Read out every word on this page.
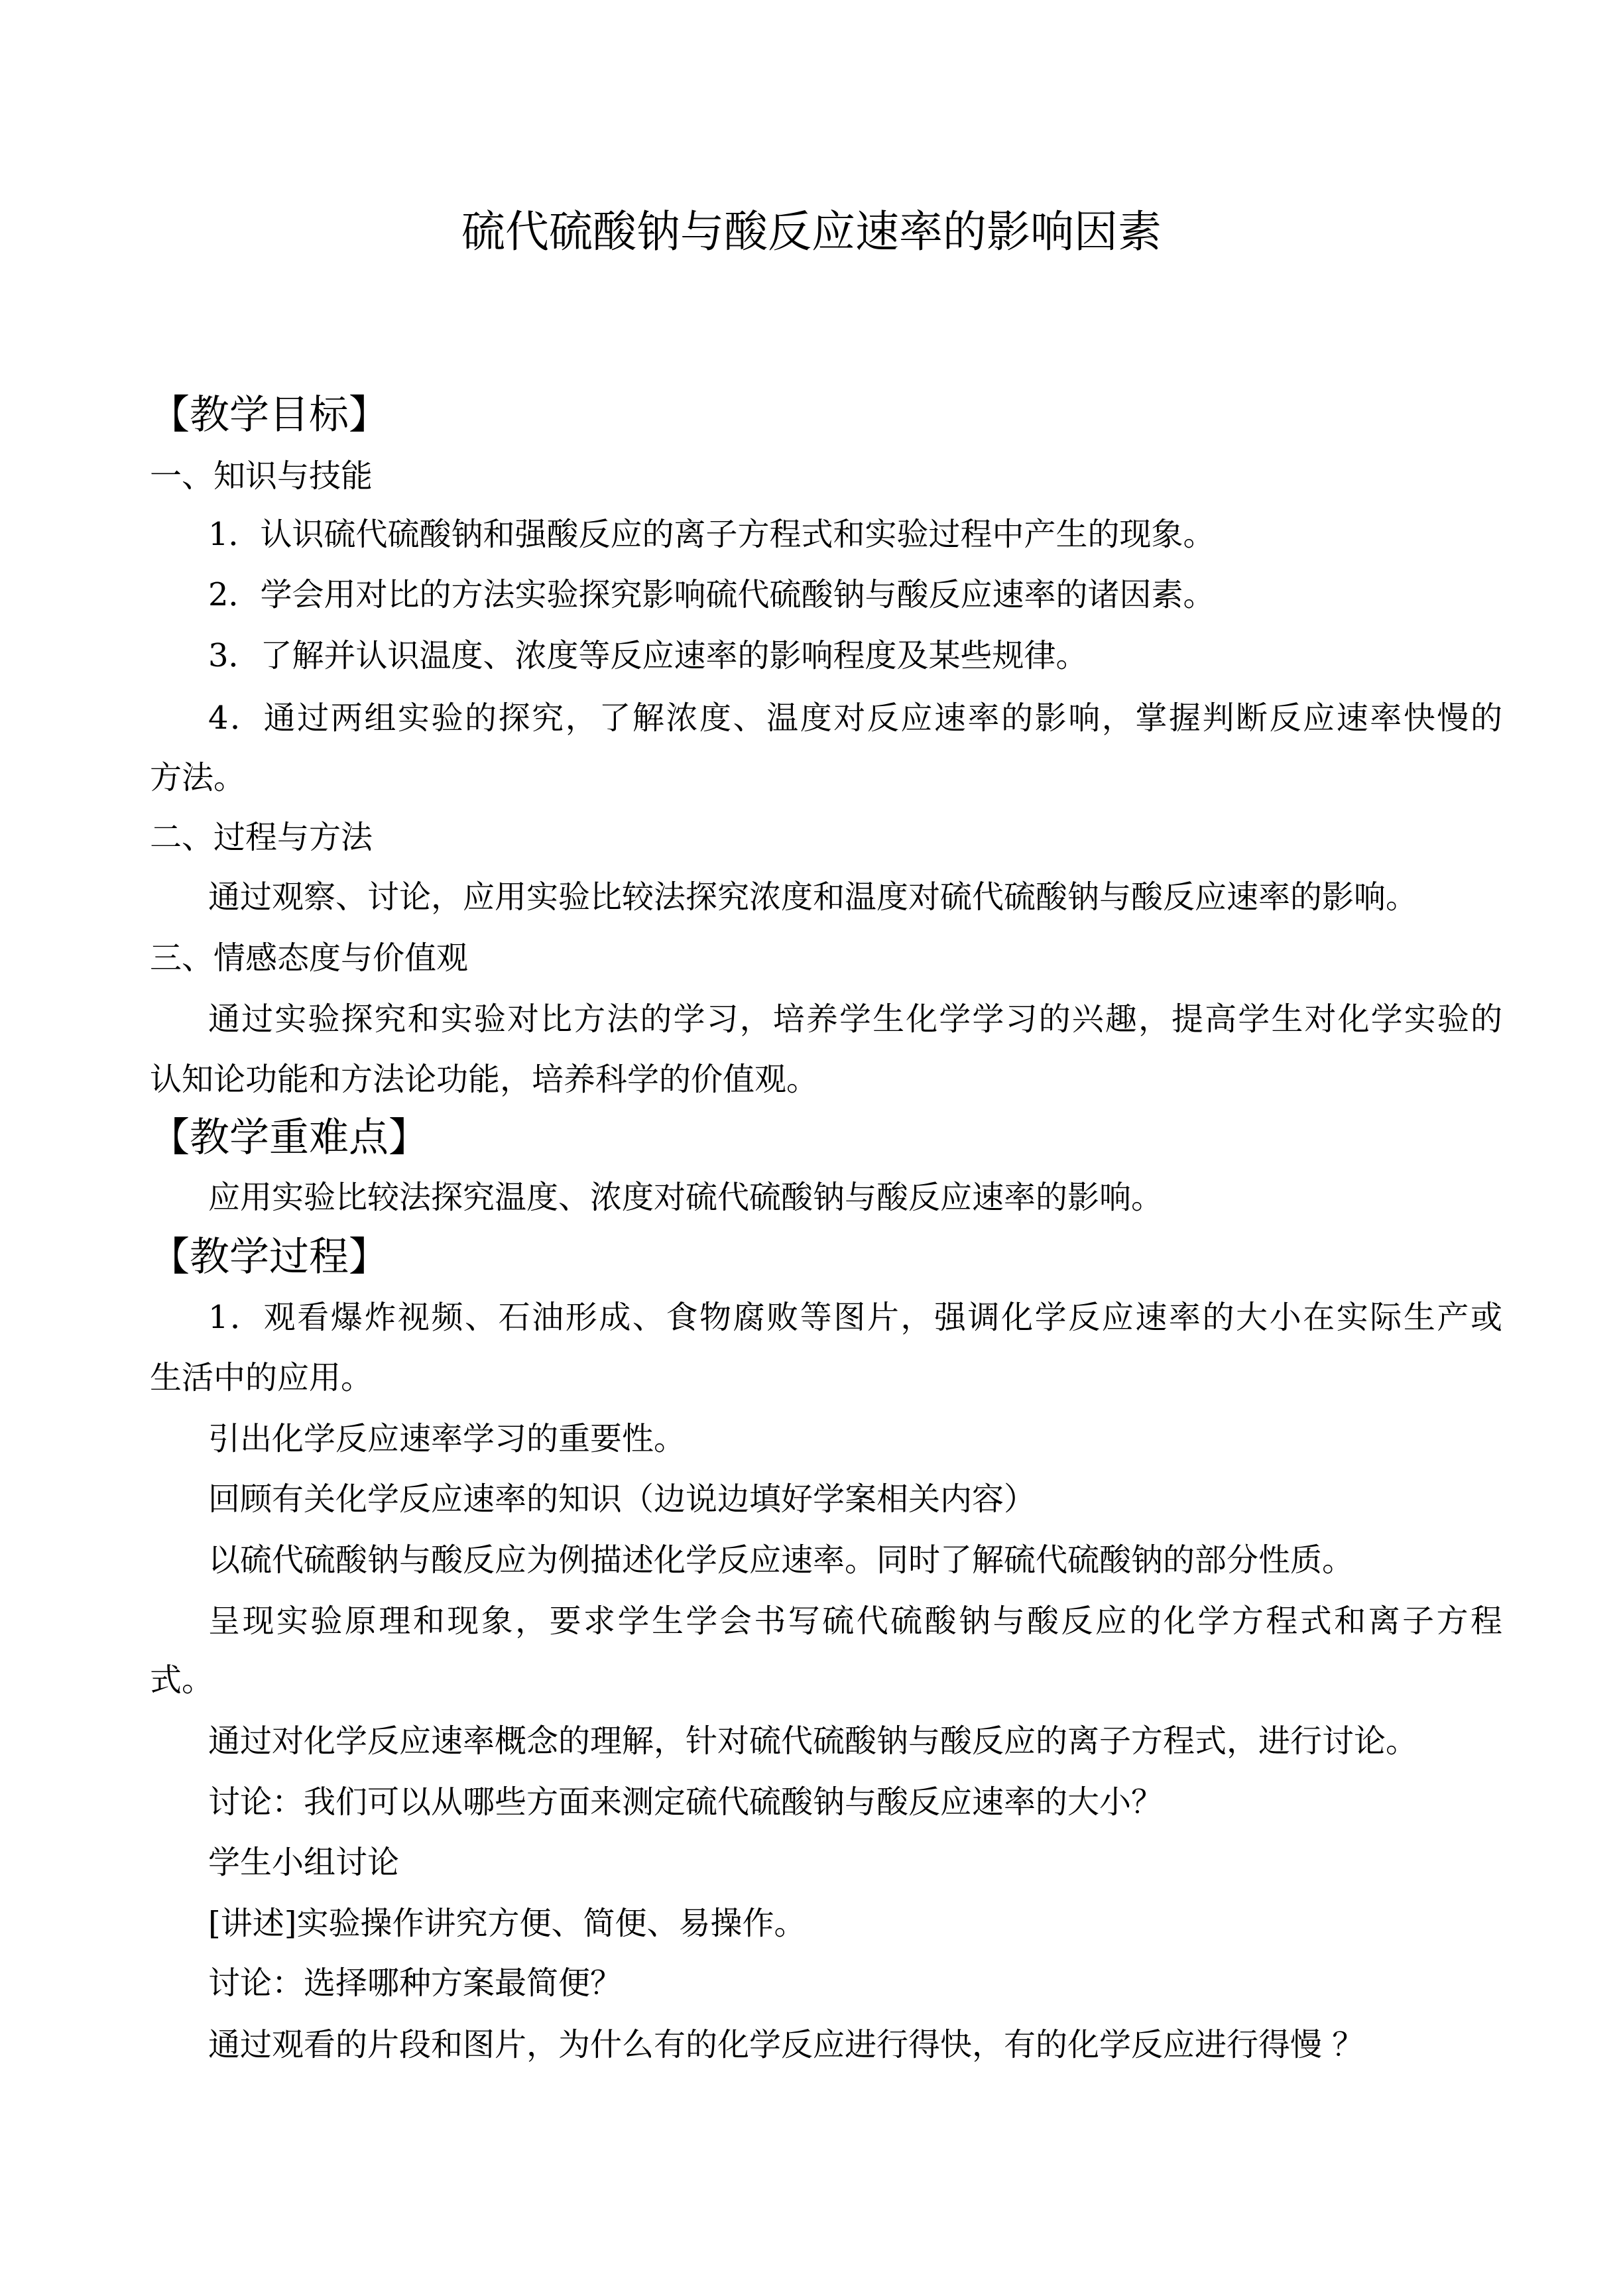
硫代硫酸钠与酸反应速率的影响因素
【教学目标】
一、知识与技能
1．认识硫代硫酸钠和强酸反应的离子方程式和实验过程中产生的现象。
2．学会用对比的方法实验探究影响硫代硫酸钠与酸反应速率的诸因素。
3．了解并认识温度、浓度等反应速率的影响程度及某些规律。
4．通过两组实验的探究，了解浓度、温度对反应速率的影响，掌握判断反应速率快慢的
方法。
二、过程与方法
通过观察、讨论，应用实验比较法探究浓度和温度对硫代硫酸钠与酸反应速率的影响。
三、情感态度与价值观
通过实验探究和实验对比方法的学习，培养学生化学学习的兴趣，提高学生对化学实验的
认知论功能和方法论功能，培养科学的价值观。
【教学重难点】
应用实验比较法探究温度、浓度对硫代硫酸钠与酸反应速率的影响。
【教学过程】
1．观看爆炸视频、石油形成、食物腐败等图片，强调化学反应速率的大小在实际生产或
生活中的应用。
引出化学反应速率学习的重要性。
回顾有关化学反应速率的知识（边说边填好学案相关内容）
以硫代硫酸钠与酸反应为例描述化学反应速率。同时了解硫代硫酸钠的部分性质。
呈现实验原理和现象，要求学生学会书写硫代硫酸钠与酸反应的化学方程式和离子方程
式。
通过对化学反应速率概念的理解，针对硫代硫酸钠与酸反应的离子方程式，进行讨论。
讨论：我们可以从哪些方面来测定硫代硫酸钠与酸反应速率的大小？
学生小组讨论
[讲述]实验操作讲究方便、简便、易操作。
讨论：选择哪种方案最简便？
通过观看的片段和图片，为什么有的化学反应进行得快，有的化学反应进行得慢 ？
